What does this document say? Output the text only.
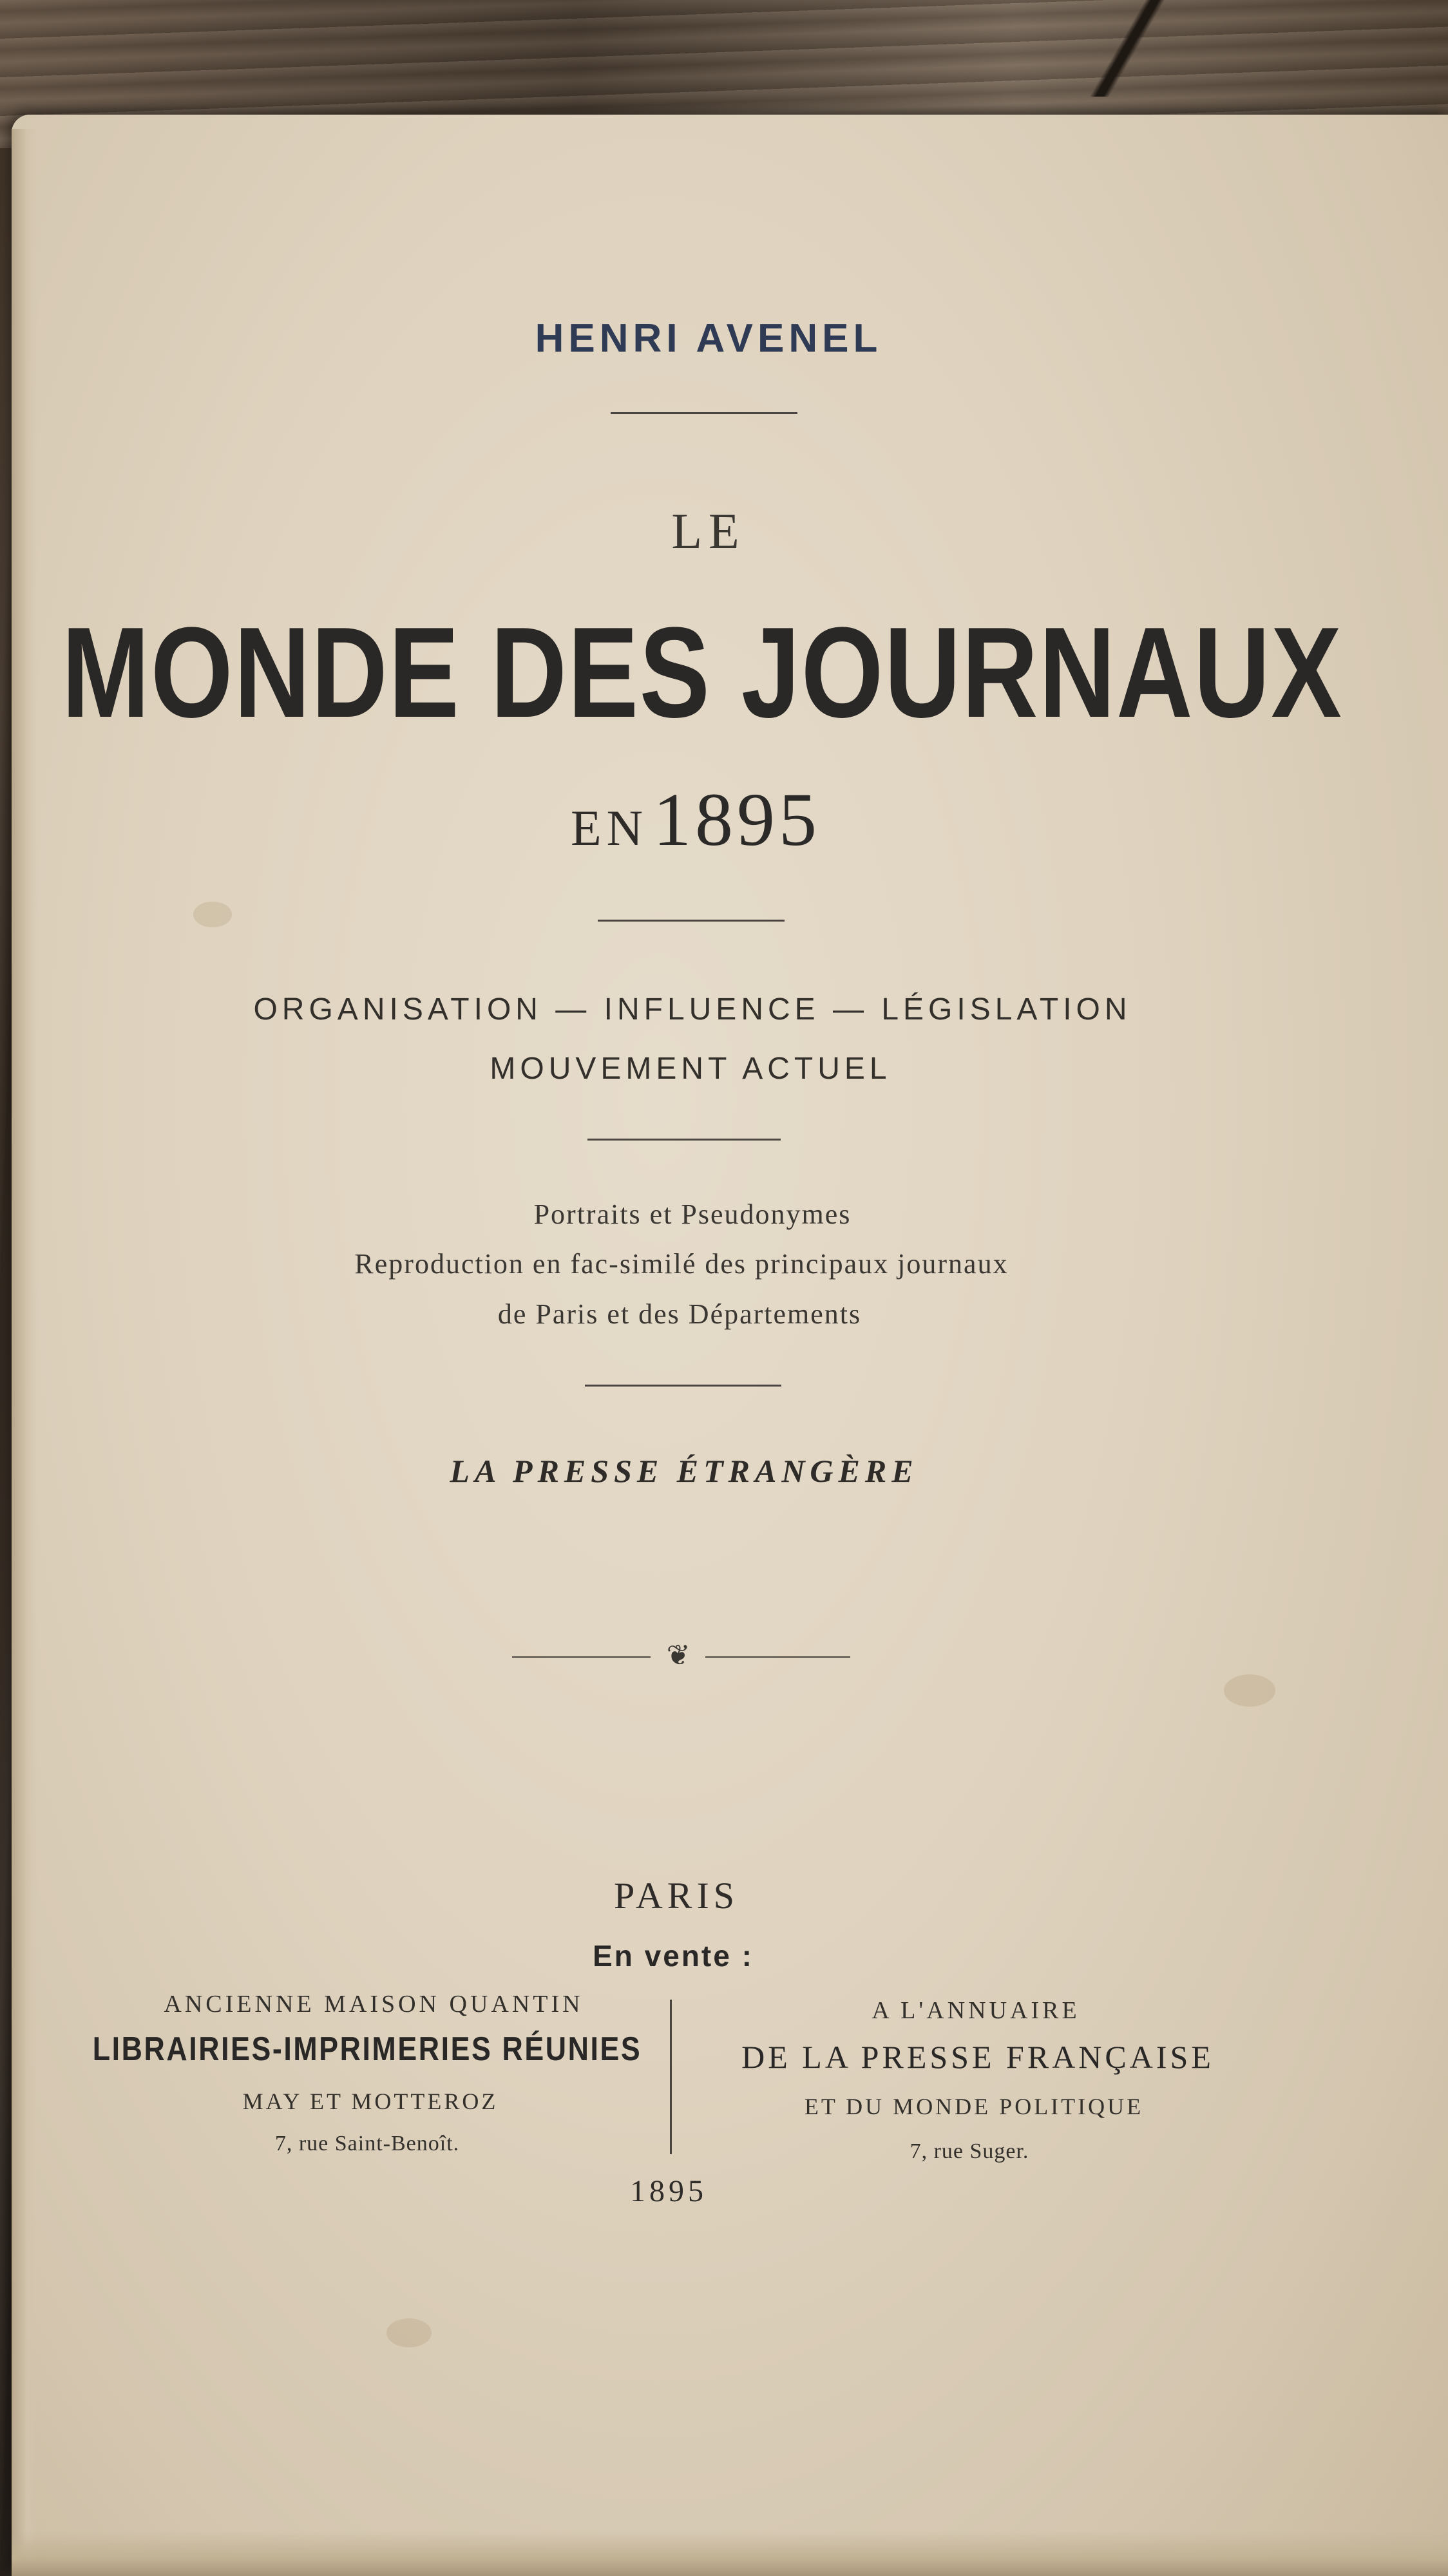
HENRI AVENEL
LE
MONDE DES JOURNAUX
EN  1895
ORGANISATION — INFLUENCE — LÉGISLATION
MOUVEMENT ACTUEL
Portraits et Pseudonymes
Reproduction en fac-similé des principaux journaux
de Paris et des Départements
LA PRESSE ÉTRANGÈRE
❦
PARIS
En vente :
ANCIENNE MAISON QUANTIN
LIBRAIRIES-IMPRIMERIES RÉUNIES
MAY ET MOTTEROZ
7, rue Saint-Benoît.
A L'ANNUAIRE
DE LA PRESSE FRANÇAISE
ET DU MONDE POLITIQUE
7, rue Suger.
1895
